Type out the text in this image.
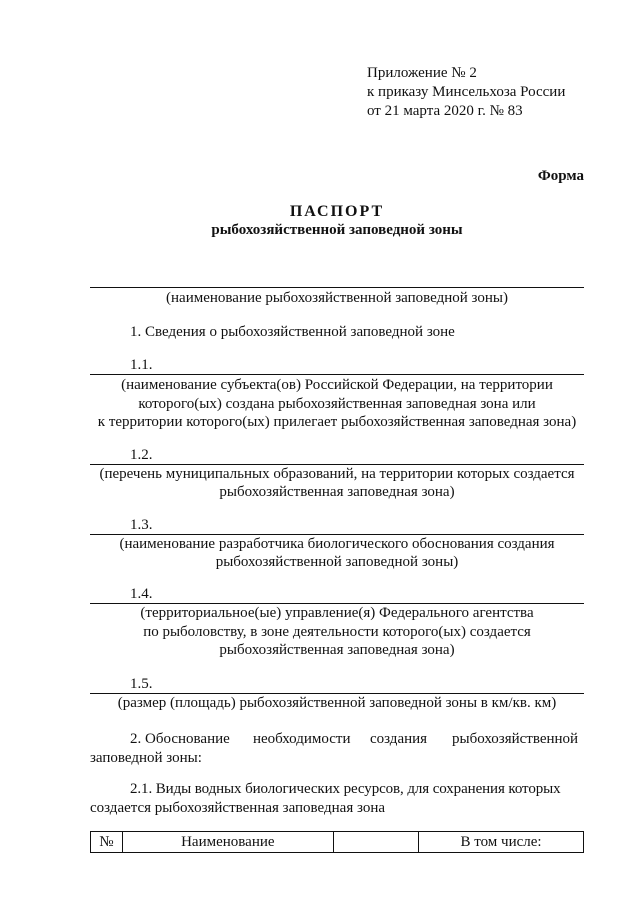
Приложение № 2
к приказу Минсельхоза России
от 21 марта 2020 г. № 83
Форма
ПАСПОРТ
рыбохозяйственной заповедной зоны
(наименование рыбохозяйственной заповедной зоны)
1. Сведения о рыбохозяйственной заповедной зоне
1.1.
(наименование субъекта(ов) Российской Федерации, на территории
которого(ых) создана рыбохозяйственная заповедная зона или
к территории которого(ых) прилегает рыбохозяйственная заповедная зона)
1.2.
(перечень муниципальных образований, на территории которых создается
рыбохозяйственная заповедная зона)
1.3.
(наименование разработчика биологического обоснования создания
рыбохозяйственной заповедной зоны)
1.4.
(территориальное(ые) управление(я) Федерального агентства
по рыболовству, в зоне деятельности которого(ых) создается
рыбохозяйственная заповедная зона)
1.5.
(размер (площадь) рыбохозяйственной заповедной зоны в км/кв. км)
2. Обоснование необходимости создания рыбохозяйственной
заповедной зоны:
2.1. Виды водных биологических ресурсов, для сохранения которых
создается рыбохозяйственная заповедная зона
№	Наименование		В том числе:
